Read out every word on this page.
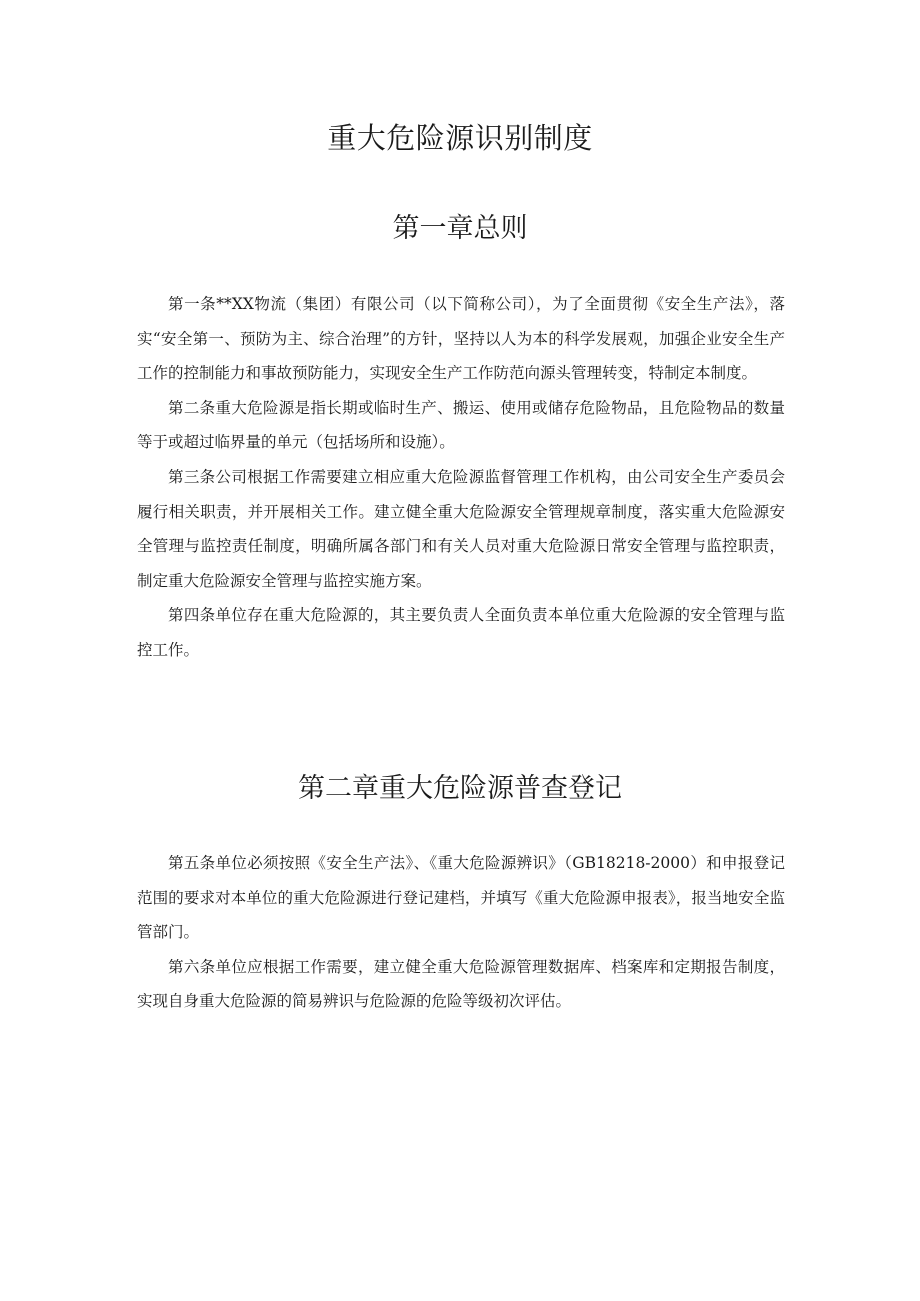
重大危险源识别制度
第一章总则

第一条**XX物流（集团）有限公司（以下简称公司），为了全面贯彻《安全生产法》，落实“安全第一、预防为主、综合治理”的方针，坚持以人为本的科学发展观，加强企业安全生产工作的控制能力和事故预防能力，实现安全生产工作防范向源头管理转变，特制定本制度。

第二条重大危险源是指长期或临时生产、搬运、使用或储存危险物品，且危险物品的数量等于或超过临界量的单元（包括场所和设施）。

第三条公司根据工作需要建立相应重大危险源监督管理工作机构，由公司安全生产委员会履行相关职责，并开展相关工作。建立健全重大危险源安全管理规章制度，落实重大危险源安全管理与监控责任制度，明确所属各部门和有关人员对重大危险源日常安全管理与监控职责，制定重大危险源安全管理与监控实施方案。

第四条单位存在重大危险源的，其主要负责人全面负责本单位重大危险源的安全管理与监控工作。

第二章重大危险源普查登记

第五条单位必须按照《安全生产法》、《重大危险源辨识》（GB18218-2000）和申报登记范围的要求对本单位的重大危险源进行登记建档，并填写《重大危险源申报表》，报当地安全监管部门。

第六条单位应根据工作需要，建立健全重大危险源管理数据库、档案库和定期报告制度，实现自身重大危险源的简易辨识与危险源的危险等级初次评估。
